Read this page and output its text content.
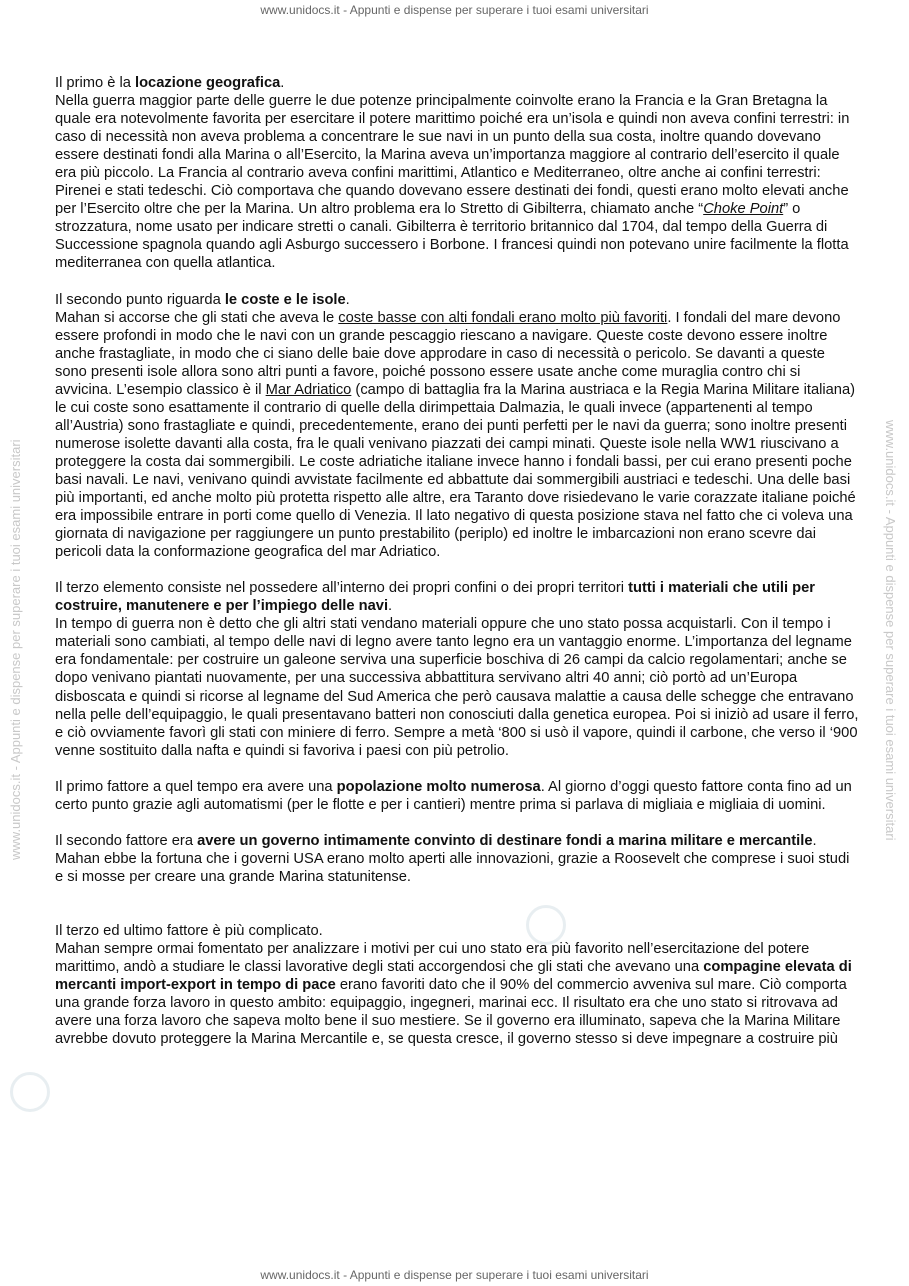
www.unidocs.it - Appunti e dispense per superare i tuoi esami universitari
www.unidocs.it - Appunti e dispense per superare i tuoi esami universitari	www.unidocs.it - Appunti e dispense per superare i tuoi esami universitari

Il primo è la locazione geografica.
Nella guerra maggior parte delle guerre le due potenze principalmente coinvolte erano la Francia e la Gran Bretagna la quale era notevolmente favorita per esercitare il potere marittimo poiché era un’isola e quindi non aveva confini terrestri: in caso di necessità non aveva problema a concentrare le sue navi in un punto della sua costa, inoltre quando dovevano essere destinati fondi alla Marina o all’Esercito, la Marina aveva un’importanza maggiore al contrario dell’esercito il quale era più piccolo. La Francia al contrario aveva confini marittimi, Atlantico e Mediterraneo, oltre anche ai confini terrestri: Pirenei e stati tedeschi. Ciò comportava che quando dovevano essere destinati dei fondi, questi erano molto elevati anche per l’Esercito oltre che per la Marina. Un altro problema era lo Stretto di Gibilterra, chiamato anche “Choke Point” o strozzatura, nome usato per indicare stretti o canali. Gibilterra è territorio britannico dal 1704, dal tempo della Guerra di Successione spagnola quando agli Asburgo successero i Borbone. I francesi quindi non potevano unire facilmente la flotta mediterranea con quella atlantica.

Il secondo punto riguarda le coste e le isole.
Mahan si accorse che gli stati che aveva le coste basse con alti fondali erano molto più favoriti. I fondali del mare devono essere profondi in modo che le navi con un grande pescaggio riescano a navigare. Queste coste devono essere inoltre anche frastagliate, in modo che ci siano delle baie dove approdare in caso di necessità o pericolo. Se davanti a queste sono presenti isole allora sono altri punti a favore, poiché possono essere usate anche come muraglia contro chi si avvicina. L’esempio classico è il Mar Adriatico (campo di battaglia fra la Marina austriaca e la Regia Marina Militare italiana) le cui coste sono esattamente il contrario di quelle della dirimpettaia Dalmazia, le quali invece (appartenenti al tempo all’Austria) sono frastagliate e quindi, precedentemente, erano dei punti perfetti per le navi da guerra; sono inoltre presenti numerose isolette davanti alla costa, fra le quali venivano piazzati dei campi minati. Queste isole nella WW1 riuscivano a proteggere la costa dai sommergibili. Le coste adriatiche italiane invece hanno i fondali bassi, per cui erano presenti poche basi navali. Le navi, venivano quindi avvistate facilmente ed abbattute dai sommergibili austriaci e tedeschi. Una delle basi più importanti, ed anche molto più protetta rispetto alle altre, era Taranto dove risiedevano le varie corazzate italiane poiché era impossibile entrare in porti come quello di Venezia. Il lato negativo di questa posizione stava nel fatto che ci voleva una giornata di navigazione per raggiungere un punto prestabilito (periplo) ed inoltre le imbarcazioni non erano scevre dai pericoli data la conformazione geografica del mar Adriatico.

Il terzo elemento consiste nel possedere all’interno dei propri confini o dei propri territori tutti i materiali che utili per costruire, manutenere e per l’impiego delle navi.
In tempo di guerra non è detto che gli altri stati vendano materiali oppure che uno stato possa acquistarli. Con il tempo i materiali sono cambiati, al tempo delle navi di legno avere tanto legno era un vantaggio enorme. L’importanza del legname era fondamentale: per costruire un galeone serviva una superficie boschiva di 26 campi da calcio regolamentari; anche se dopo venivano piantati nuovamente, per una successiva abbattitura servivano altri 40 anni; ciò portò ad un’Europa disboscata e quindi si ricorse al legname del Sud America che però causava malattie a causa delle schegge che entravano nella pelle dell’equipaggio, le quali presentavano batteri non conosciuti dalla genetica europea. Poi si iniziò ad usare il ferro, e ciò ovviamente favorì gli stati con miniere di ferro. Sempre a metà ‘800 si usò il vapore, quindi il carbone, che verso il ‘900 venne sostituito dalla nafta e quindi si favoriva i paesi con più petrolio.

Il primo fattore a quel tempo era avere una popolazione molto numerosa. Al giorno d’oggi questo fattore conta fino ad un certo punto grazie agli automatismi (per le flotte e per i cantieri) mentre prima si parlava di migliaia e migliaia di uomini.

Il secondo fattore era avere un governo intimamente convinto di destinare fondi a marina militare e mercantile.
Mahan ebbe la fortuna che i governi USA erano molto aperti alle innovazioni, grazie a Roosevelt che comprese i suoi studi e si mosse per creare una grande Marina statunitense.

Il terzo ed ultimo fattore è più complicato.
Mahan sempre ormai fomentato per analizzare i motivi per cui uno stato era più favorito nell’esercitazione del potere marittimo, andò a studiare le classi lavorative degli stati accorgendosi che gli stati che avevano una compagine elevata di mercanti import-export in tempo di pace erano favoriti dato che il 90% del commercio avveniva sul mare. Ciò comporta una grande forza lavoro in questo ambito: equipaggio, ingegneri, marinai ecc. Il risultato era che uno stato si ritrovava ad avere una forza lavoro che sapeva molto bene il suo mestiere. Se il governo era illuminato, sapeva che la Marina Militare avrebbe dovuto proteggere la Marina Mercantile e, se questa cresce, il governo stesso si deve impegnare a costruire più

www.unidocs.it - Appunti e dispense per superare i tuoi esami universitari
